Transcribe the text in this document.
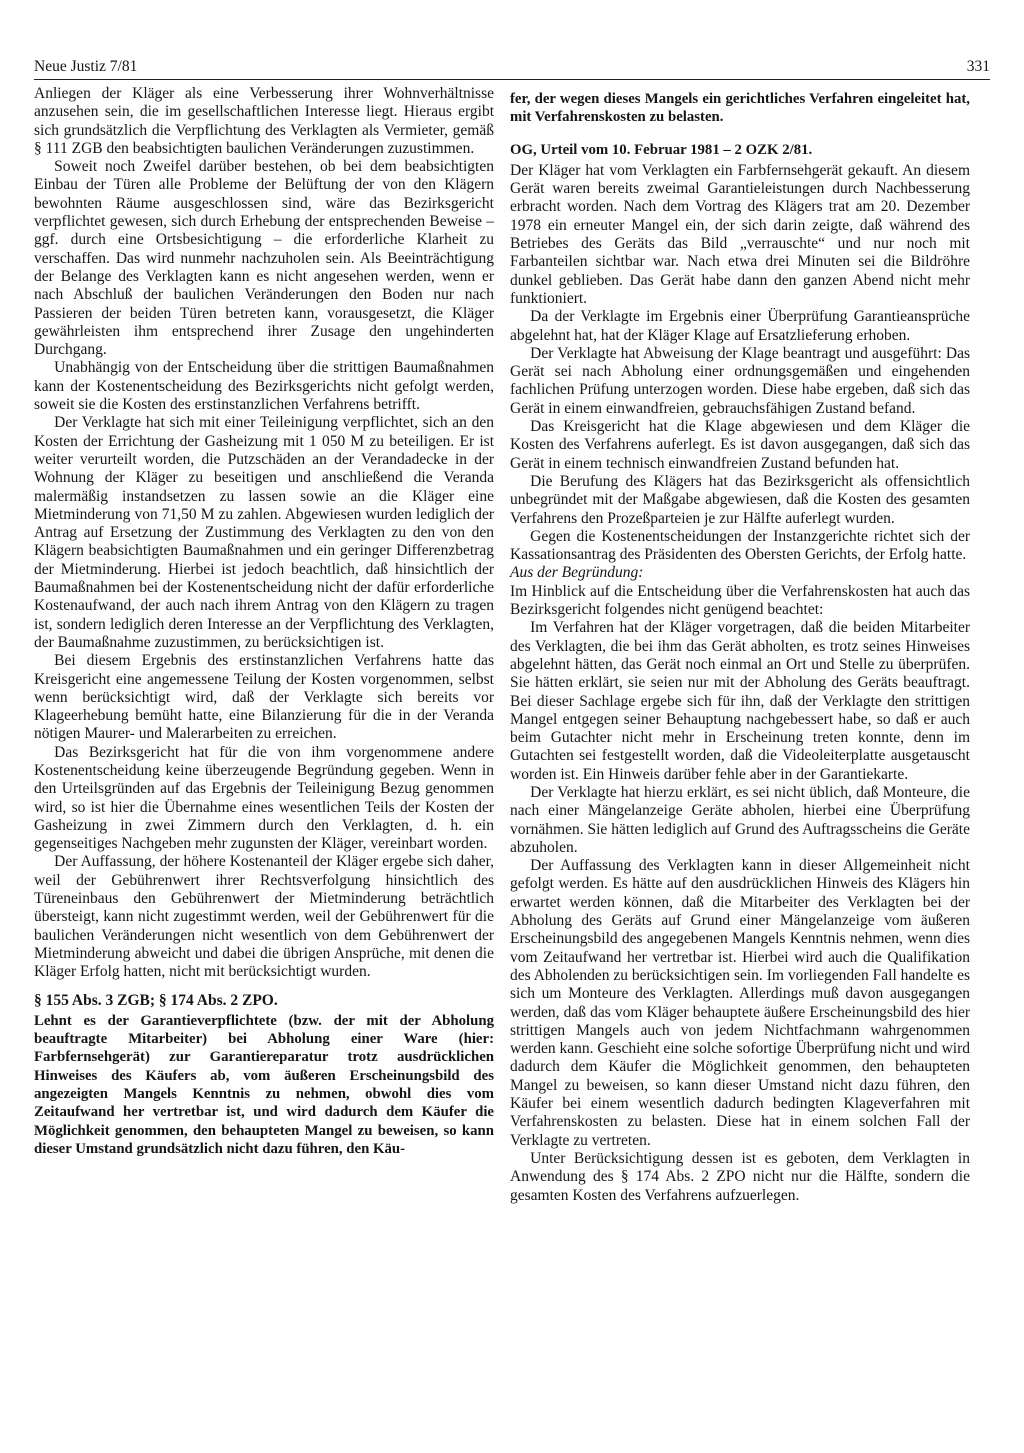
Neue Justiz 7/81	331

Anliegen der Kläger als eine Verbesserung ihrer Wohnverhältnisse anzusehen sein, die im gesellschaftlichen Interesse liegt. Hieraus ergibt sich grundsätzlich die Verpflichtung des Verklagten als Vermieter, gemäß § 111 ZGB den beabsichtigten baulichen Veränderungen zuzustimmen.

Soweit noch Zweifel darüber bestehen, ob bei dem beabsichtigten Einbau der Türen alle Probleme der Belüftung der von den Klägern bewohnten Räume ausgeschlossen sind, wäre das Bezirksgericht verpflichtet gewesen, sich durch Erhebung der entsprechenden Beweise – ggf. durch eine Ortsbesichtigung – die erforderliche Klarheit zu verschaffen. Das wird nunmehr nachzuholen sein. Als Beeinträchtigung der Belange des Verklagten kann es nicht angesehen werden, wenn er nach Abschluß der baulichen Veränderungen den Boden nur nach Passieren der beiden Türen betreten kann, vorausgesetzt, die Kläger gewährleisten ihm entsprechend ihrer Zusage den ungehinderten Durchgang.

Unabhängig von der Entscheidung über die strittigen Baumaßnahmen kann der Kostenentscheidung des Bezirksgerichts nicht gefolgt werden, soweit sie die Kosten des erstinstanzlichen Verfahrens betrifft.

Der Verklagte hat sich mit einer Teileinigung verpflichtet, sich an den Kosten der Errichtung der Gasheizung mit 1 050 M zu beteiligen. Er ist weiter verurteilt worden, die Putzschäden an der Verandadecke in der Wohnung der Kläger zu beseitigen und anschließend die Veranda malermäßig instandsetzen zu lassen sowie an die Kläger eine Mietminderung von 71,50 M zu zahlen. Abgewiesen wurden lediglich der Antrag auf Ersetzung der Zustimmung des Verklagten zu den von den Klägern beabsichtigten Baumaßnahmen und ein geringer Differenzbetrag der Mietminderung. Hierbei ist jedoch beachtlich, daß hinsichtlich der Baumaßnahmen bei der Kostenentscheidung nicht der dafür erforderliche Kostenaufwand, der auch nach ihrem Antrag von den Klägern zu tragen ist, sondern lediglich deren Interesse an der Verpflichtung des Verklagten, der Baumaßnahme zuzustimmen, zu berücksichtigen ist.

Bei diesem Ergebnis des erstinstanzlichen Verfahrens hatte das Kreisgericht eine angemessene Teilung der Kosten vorgenommen, selbst wenn berücksichtigt wird, daß der Verklagte sich bereits vor Klageerhebung bemüht hatte, eine Bilanzierung für die in der Veranda nötigen Maurer- und Malerarbeiten zu erreichen.

Das Bezirksgericht hat für die von ihm vorgenommene andere Kostenentscheidung keine überzeugende Begründung gegeben. Wenn in den Urteilsgründen auf das Ergebnis der Teileinigung Bezug genommen wird, so ist hier die Übernahme eines wesentlichen Teils der Kosten der Gasheizung in zwei Zimmern durch den Verklagten, d. h. ein gegenseitiges Nachgeben mehr zugunsten der Kläger, vereinbart worden.

Der Auffassung, der höhere Kostenanteil der Kläger ergebe sich daher, weil der Gebührenwert ihrer Rechtsverfolgung hinsichtlich des Türeneinbaus den Gebührenwert der Mietminderung beträchtlich übersteigt, kann nicht zugestimmt werden, weil der Gebührenwert für die baulichen Veränderungen nicht wesentlich von dem Gebührenwert der Mietminderung abweicht und dabei die übrigen Ansprüche, mit denen die Kläger Erfolg hatten, nicht mit berücksichtigt wurden.

§ 155 Abs. 3 ZGB; § 174 Abs. 2 ZPO.

Lehnt es der Garantieverpflichtete (bzw. der mit der Abholung beauftragte Mitarbeiter) bei Abholung einer Ware (hier: Farbfernsehgerät) zur Garantiereparatur trotz ausdrücklichen Hinweises des Käufers ab, vom äußeren Erscheinungsbild des angezeigten Mangels Kenntnis zu nehmen, obwohl dies vom Zeitaufwand her vertretbar ist, und wird dadurch dem Käufer die Möglichkeit genommen, den behaupteten Mangel zu beweisen, so kann dieser Umstand grundsätzlich nicht dazu führen, den Käu-

fer, der wegen dieses Mangels ein gerichtliches Verfahren eingeleitet hat, mit Verfahrenskosten zu belasten.

OG, Urteil vom 10. Februar 1981 – 2 OZK 2/81.

Der Kläger hat vom Verklagten ein Farbfernsehgerät gekauft. An diesem Gerät waren bereits zweimal Garantieleistungen durch Nachbesserung erbracht worden. Nach dem Vortrag des Klägers trat am 20. Dezember 1978 ein erneuter Mangel ein, der sich darin zeigte, daß während des Betriebes des Geräts das Bild „verrauschte“ und nur noch mit Farbanteilen sichtbar war. Nach etwa drei Minuten sei die Bildröhre dunkel geblieben. Das Gerät habe dann den ganzen Abend nicht mehr funktioniert.

Da der Verklagte im Ergebnis einer Überprüfung Garantieansprüche abgelehnt hat, hat der Kläger Klage auf Ersatzlieferung erhoben.

Der Verklagte hat Abweisung der Klage beantragt und ausgeführt: Das Gerät sei nach Abholung einer ordnungsgemäßen und eingehenden fachlichen Prüfung unterzogen worden. Diese habe ergeben, daß sich das Gerät in einem einwandfreien, gebrauchsfähigen Zustand befand.

Das Kreisgericht hat die Klage abgewiesen und dem Kläger die Kosten des Verfahrens auferlegt. Es ist davon ausgegangen, daß sich das Gerät in einem technisch einwandfreien Zustand befunden hat.

Die Berufung des Klägers hat das Bezirksgericht als offensichtlich unbegründet mit der Maßgabe abgewiesen, daß die Kosten des gesamten Verfahrens den Prozeßparteien je zur Hälfte auferlegt wurden.

Gegen die Kostenentscheidungen der Instanzgerichte richtet sich der Kassationsantrag des Präsidenten des Obersten Gerichts, der Erfolg hatte.

Aus der Begründung:

Im Hinblick auf die Entscheidung über die Verfahrenskosten hat auch das Bezirksgericht folgendes nicht genügend beachtet:

Im Verfahren hat der Kläger vorgetragen, daß die beiden Mitarbeiter des Verklagten, die bei ihm das Gerät abholten, es trotz seines Hinweises abgelehnt hätten, das Gerät noch einmal an Ort und Stelle zu überprüfen. Sie hätten erklärt, sie seien nur mit der Abholung des Geräts beauftragt. Bei dieser Sachlage ergebe sich für ihn, daß der Verklagte den strittigen Mangel entgegen seiner Behauptung nachgebessert habe, so daß er auch beim Gutachter nicht mehr in Erscheinung treten konnte, denn im Gutachten sei festgestellt worden, daß die Videoleiterplatte ausgetauscht worden ist. Ein Hinweis darüber fehle aber in der Garantiekarte.

Der Verklagte hat hierzu erklärt, es sei nicht üblich, daß Monteure, die nach einer Mängelanzeige Geräte abholen, hierbei eine Überprüfung vornähmen. Sie hätten lediglich auf Grund des Auftragsscheins die Geräte abzuholen.

Der Auffassung des Verklagten kann in dieser Allgemeinheit nicht gefolgt werden. Es hätte auf den ausdrücklichen Hinweis des Klägers hin erwartet werden können, daß die Mitarbeiter des Verklagten bei der Abholung des Geräts auf Grund einer Mängelanzeige vom äußeren Erscheinungsbild des angegebenen Mangels Kenntnis nehmen, wenn dies vom Zeitaufwand her vertretbar ist. Hierbei wird auch die Qualifikation des Abholenden zu berücksichtigen sein. Im vorliegenden Fall handelte es sich um Monteure des Verklagten. Allerdings muß davon ausgegangen werden, daß das vom Kläger behauptete äußere Erscheinungsbild des hier strittigen Mangels auch von jedem Nichtfachmann wahrgenommen werden kann. Geschieht eine solche sofortige Überprüfung nicht und wird dadurch dem Käufer die Möglichkeit genommen, den behaupteten Mangel zu beweisen, so kann dieser Umstand nicht dazu führen, den Käufer bei einem wesentlich dadurch bedingten Klageverfahren mit Verfahrenskosten zu belasten. Diese hat in einem solchen Fall der Verklagte zu vertreten.

Unter Berücksichtigung dessen ist es geboten, dem Verklagten in Anwendung des § 174 Abs. 2 ZPO nicht nur die Hälfte, sondern die gesamten Kosten des Verfahrens aufzuerlegen.
